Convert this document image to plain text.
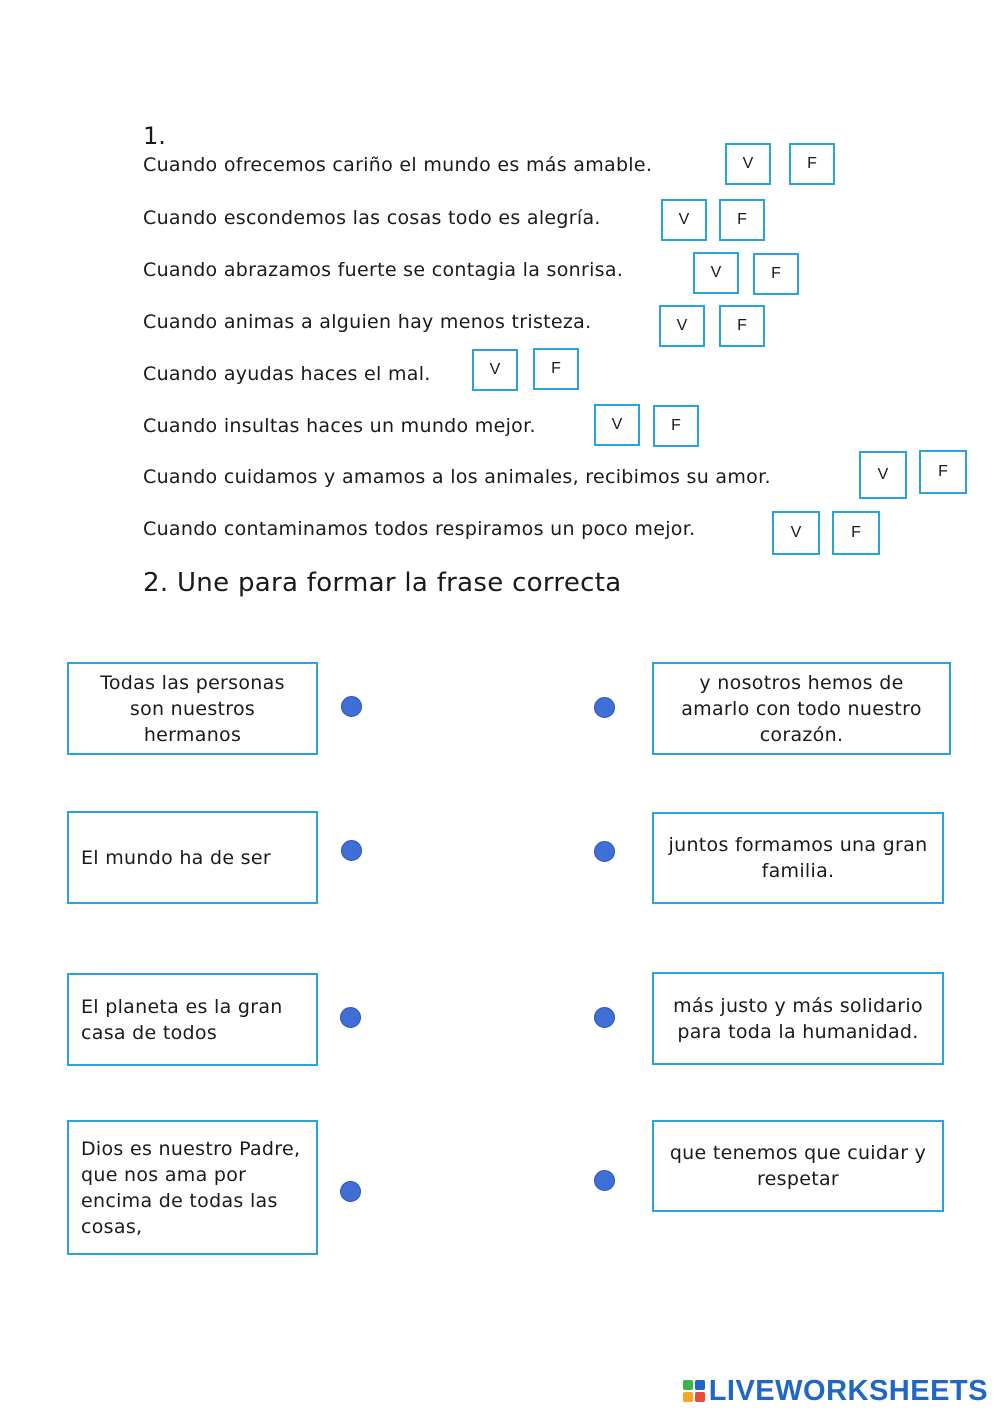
1.
Cuando ofrecemos cariño el mundo es más amable.	V	F
Cuando escondemos las cosas todo es alegría.	V	F
Cuando abrazamos fuerte se contagia la sonrisa.	V	F
Cuando animas a alguien hay menos tristeza.	V	F
Cuando ayudas haces el mal.	V	F
Cuando insultas haces un mundo mejor.	V	F
Cuando cuidamos y amamos a los animales, recibimos su amor.	V	F
Cuando contaminamos todos respiramos un poco mejor.	V	F
2. Une para formar la frase correcta
Todas las personas son nuestros hermanos
El mundo ha de ser
El planeta es la gran casa de todos
Dios es nuestro Padre, que nos ama por encima de todas las cosas,
y nosotros hemos de amarlo con todo nuestro corazón.
juntos formamos una gran familia.
más justo y más solidario para toda la humanidad.
que tenemos que cuidar y respetar
LIVEWORKSHEETS
